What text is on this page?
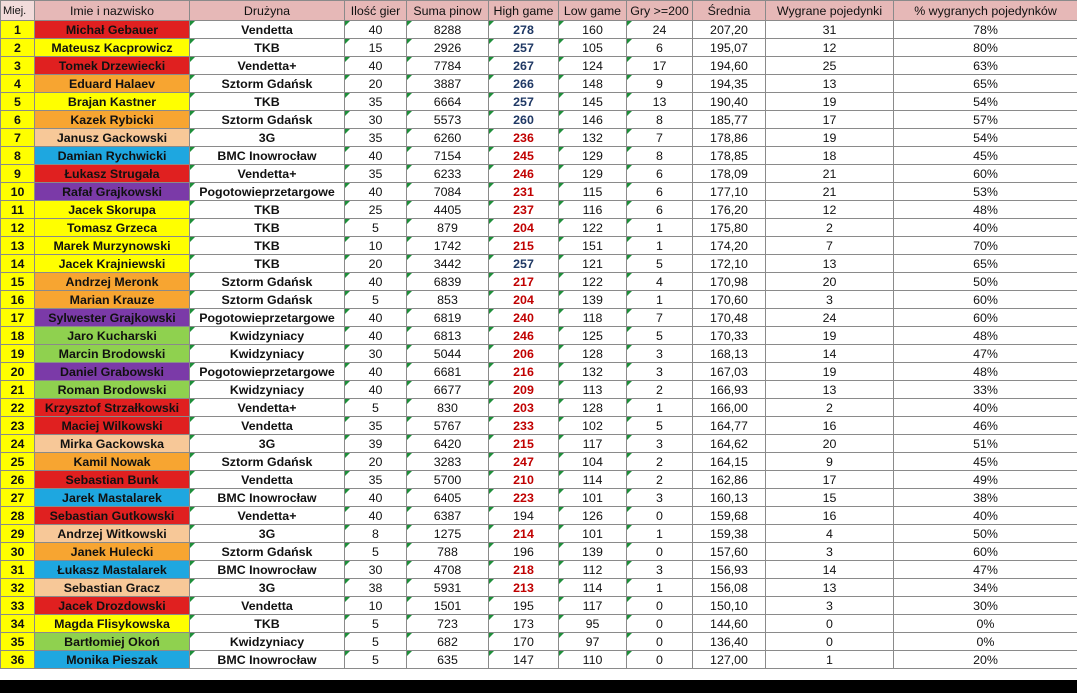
Miej.	Imie i nazwisko	Drużyna	Ilość gier	Suma pinow	High game	Low game	Gry >=200	Średnia	Wygrane pojedynki	% wygranych pojedynków
1	Michał Gebauer	Vendetta	40	8288	278	160	24	207,20	31	78%
2	Mateusz Kacprowicz	TKB	15	2926	257	105	6	195,07	12	80%
3	Tomek Drzewiecki	Vendetta+	40	7784	267	124	17	194,60	25	63%
4	Eduard Halaev	Sztorm Gdańsk	20	3887	266	148	9	194,35	13	65%
5	Brajan Kastner	TKB	35	6664	257	145	13	190,40	19	54%
6	Kazek Rybicki	Sztorm Gdańsk	30	5573	260	146	8	185,77	17	57%
7	Janusz Gackowski	3G	35	6260	236	132	7	178,86	19	54%
8	Damian Rychwicki	BMC Inowrocław	40	7154	245	129	8	178,85	18	45%
9	Łukasz Strugała	Vendetta+	35	6233	246	129	6	178,09	21	60%
10	Rafał Grajkowski	Pogotowieprzetargowe	40	7084	231	115	6	177,10	21	53%
11	Jacek Skorupa	TKB	25	4405	237	116	6	176,20	12	48%
12	Tomasz Grzeca	TKB	5	879	204	122	1	175,80	2	40%
13	Marek Murzynowski	TKB	10	1742	215	151	1	174,20	7	70%
14	Jacek Krajniewski	TKB	20	3442	257	121	5	172,10	13	65%
15	Andrzej Meronk	Sztorm Gdańsk	40	6839	217	122	4	170,98	20	50%
16	Marian Krauze	Sztorm Gdańsk	5	853	204	139	1	170,60	3	60%
17	Sylwester Grajkowski	Pogotowieprzetargowe	40	6819	240	118	7	170,48	24	60%
18	Jaro Kucharski	Kwidzyniacy	40	6813	246	125	5	170,33	19	48%
19	Marcin Brodowski	Kwidzyniacy	30	5044	206	128	3	168,13	14	47%
20	Daniel Grabowski	Pogotowieprzetargowe	40	6681	216	132	3	167,03	19	48%
21	Roman Brodowski	Kwidzyniacy	40	6677	209	113	2	166,93	13	33%
22	Krzysztof Strzałkowski	Vendetta+	5	830	203	128	1	166,00	2	40%
23	Maciej Wilkowski	Vendetta	35	5767	233	102	5	164,77	16	46%
24	Mirka Gackowska	3G	39	6420	215	117	3	164,62	20	51%
25	Kamil Nowak	Sztorm Gdańsk	20	3283	247	104	2	164,15	9	45%
26	Sebastian Bunk	Vendetta	35	5700	210	114	2	162,86	17	49%
27	Jarek Mastalarek	BMC Inowrocław	40	6405	223	101	3	160,13	15	38%
28	Sebastian Gutkowski	Vendetta+	40	6387	194	126	0	159,68	16	40%
29	Andrzej Witkowski	3G	8	1275	214	101	1	159,38	4	50%
30	Janek Hulecki	Sztorm Gdańsk	5	788	196	139	0	157,60	3	60%
31	Łukasz Mastalarek	BMC Inowrocław	30	4708	218	112	3	156,93	14	47%
32	Sebastian Gracz	3G	38	5931	213	114	1	156,08	13	34%
33	Jacek Drozdowski	Vendetta	10	1501	195	117	0	150,10	3	30%
34	Magda Flisykowska	TKB	5	723	173	95	0	144,60	0	0%
35	Bartłomiej Okoń	Kwidzyniacy	5	682	170	97	0	136,40	0	0%
36	Monika Pieszak	BMC Inowrocław	5	635	147	110	0	127,00	1	20%
